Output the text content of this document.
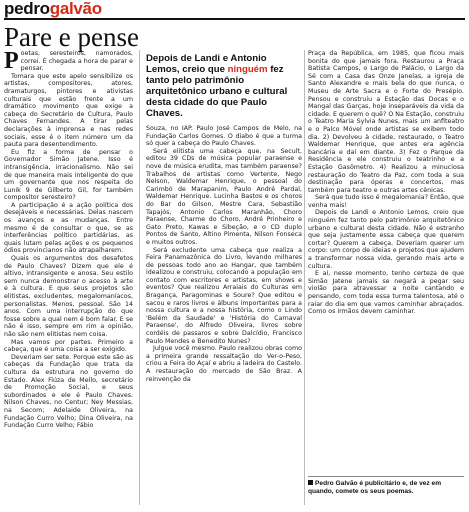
pedrogalvão
Pare e pense
P oetas, seresteiros, namorados, correi. É chegada a hora de parar e pensar.

Tomara que este apelo sensibilize os artistas, compositores, atores, dramaturgos, pintores e ativistas culturais que estão frente a um dramático movimento que exige a cabeça do Secretário de Cultura, Paulo Chaves Fernandes. A tirar pelas declarações à imprensa e nas redes sociais, esse é o item número um da pauta para desentendimento.

Eu fiz a forma de pensar o Governador Simão Jatene. Isso é intransigência, irracionalismo. Não sei de que maneira mais inteligente do que um governante que nos respeita do Lunik 9 de Gilberto Gil, for também compositor seresteiro?

A participação é a ação política dos desejáveis e necessárias. Delas nascem os avanços e as mudanças. Entre mesmo é de consultar o que, se as interferências político partidárias, as quais lutam pelas ações e os pequenos ódios provincianos não atrapalharem.

Quais os argumentos dos desafetos de Paulo Chaves? Dizem que ele é altivo, intransigente e anosa. Seu estilo sem nunca demonstrar o acesso à arte e à cultura. E que seus projetos são elitistas, excludentes, megalomaníacos, personalistas. Menos, pessoal. São 14 anos. Com uma interrupção do que fosse sobre a qual nem é bom falar. E se não é isso, sempre em rim a opinião, não são nem elitistas nem coisa.

Mas vamos por partes. Primeiro a cabeça, que é uma coisa a ser exigido.

Deveriam ser sete. Porque este são as cabeças da Fundação que trata da cultura da estrutura no governo do Estado. Alex Fiúza de Mello, secretário de Promoção Social, e seus subordinados e ele é Paulo Chaves. Nilson Chaves, no Centur; Ney Messias, na Secom; Adelaide Oliveira, na Fundação Curro Velho; Dina Oliveira, na Fundação Curro Velho; Fábio

Depois de Landi e Antonio Lemos, creio que ninguém fez tanto pelo patrimônio arquitetônico urbano e cultural desta cidade do que Paulo Chaves.

Souza, no IAP. Paulo José Campos de Melo, na Fundação Carlos Gomes. O diabo é que a turma só quer a cabeça do Paulo Chaves.

Será elitista uma cabeça que, na Secult, editou 39 CDs de música popular paraense e nove de música erudita, mas também paraense? Trabalhos de artistas como Vertente, Nego Nelson, Waldemar Henrique, o pessoal do Carimbó de Marapanim, Paulo André Pardal, Waldemar Henrique. Lucinha Bastos e os choros do Bar do Gilson, Mestre Cara, Sebastião Tapajós, Antonio Carlos Maranhão, Choro Paraense, Charme do Choro, André Prinheiro e Gato Preto, Kawas e Sibeção, e o CD duplo Pontos de Santo, Altino Pimenta, Nilson Fonseca e muitos outros.

Será excludente uma cabeça que realiza a Feira Panamazônica do Livro, levando milhares de pessoas todo ano ao Hangar, que também idealizou e construiu, colocando a população em contato com escritores e artistas, em shows e eventos? Que realizou Arraiais do Culturas em Bragança, Paragominas e Soure? Que editou e sacou e raros livros e álbuns importantes para a nossa cultura e a nossa história, como o Lindo 'Belém da Saudade' e 'História do Carnaval Paraense', do Alfredo Oliveira, livros sobre cordéis de passaros e sobre Dalcídio, Francisco Paulo Mendes e Benedito Nunes?

Julgue você mesmo. Paulo realizou obras como a primeira grande ressaltação do Ver-o-Peso, criou a Feira do Açaí e abriu a ladeira do Castelo. A restauração do mercado de São Braz. A reinvenção da

Praça da República, em 1985, que ficou mais bonita do que jamais fora. Restaurou a Praça Batista Campos, o Largo de Palácio, o Largo da Sé com a Casa das Onze Janelas, a igreja de Santo Alexandre e mais bela do que nunca, o Museu de Arte Sacra e o Forte do Presépio. Pensou e construiu a Estação das Docas e o Mangal das Garças, hoje inseparáveis da vida da cidade. E querem o quê? O Na Estação, construiu o Teatro Maria Sylvia Nunes, mais um anfiteatro e o Palco Móvel onde artistas se exibem todo dia. 2) Devolveu à cidade, restaurado, o Teatro Waldemar Henrique, que antes era agência bancária e daí em diante. 3) Fez o Parque da Residência e ele construiu o teatrinho e a Estação Gasômetro. 4) Realizou a minuciosa restauração do Teatro da Paz, com toda a sua destinação para óperas e concertos, mas também para teatro e outras artes cênicas.

Será que tudo isso é megalomania? Então, que venha mais!

Depois de Landi e Antonio Lemos, creio que ninguém fez tanto pelo patrimônio arquitetônico urbano e cultural desta cidade. Não é estranho que seja justamente essa cabeça que querem cortar? Querem a cabeça. Deveriam querer um corpo: um corpo de ideias e projetos que ajudem a transformar nossa vida, gerando mais arte e cultura.

E aí, nesse momento, tenho certeza de que Simão Jatene jamais se negará a pegar seu violão para atravessar a noite cantando e pensando, com toda essa turma talentosa, até o raiar do dia em que vamos caminhar abraçados. Como os irmãos devem caminhar.

Pedro Galvão é publicitário e, de vez em quando, comete os seus poemas.
